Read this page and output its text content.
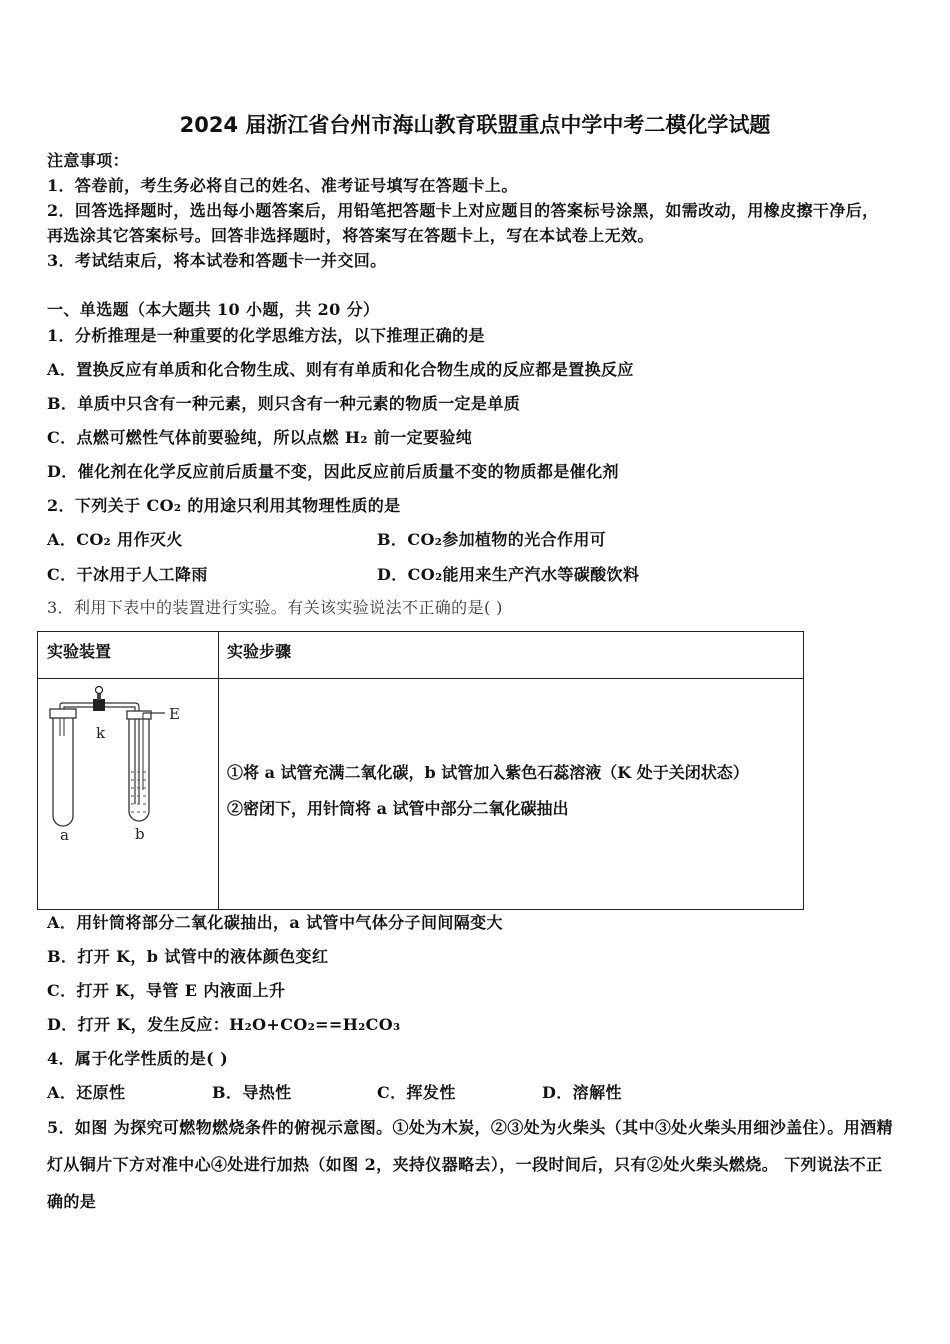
2024 届浙江省台州市海山教育联盟重点中学中考二模化学试题
注意事项：
1．答卷前，考生务必将自己的姓名、准考证号填写在答题卡上。
2．回答选择题时，选出每小题答案后，用铅笔把答题卡上对应题目的答案标号涂黑，如需改动，用橡皮擦干净后，
再选涂其它答案标号。回答非选择题时，将答案写在答题卡上，写在本试卷上无效。
3．考试结束后，将本试卷和答题卡一并交回。
一、单选题（本大题共 10 小题，共 20 分）
1．分析推理是一种重要的化学思维方法，以下推理正确的是
A．置换反应有单质和化合物生成、则有有单质和化合物生成的反应都是置换反应
B．单质中只含有一种元素，则只含有一种元素的物质一定是单质
C．点燃可燃性气体前要验纯，所以点燃 H₂ 前一定要验纯
D．催化剂在化学反应前后质量不变，因此反应前后质量不变的物质都是催化剂
2．下列关于 CO₂ 的用途只利用其物理性质的是
A．CO₂ 用作灭火	B．CO₂参加植物的光合作用可
C．干冰用于人工降雨	D．CO₂能用来生产汽水等碳酸饮料
3．利用下表中的装置进行实验。有关该实验说法不正确的是( )
实验装置	实验步骤
①将 a 试管充满二氧化碳，b 试管加入紫色石蕊溶液（K 处于关闭状态）
②密闭下，用针筒将 a 试管中部分二氧化碳抽出
k
E
a	b
A．用针筒将部分二氧化碳抽出，a 试管中气体分子间间隔变大
B．打开 K，b 试管中的液体颜色变红
C．打开 K，导管 E 内液面上升
D．打开 K，发生反应：H₂O+CO₂==H₂CO₃
4．属于化学性质的是( )
A．还原性	B．导热性	C．挥发性	D．溶解性
5．如图 为探究可燃物燃烧条件的俯视示意图。①处为木炭，②③处为火柴头（其中③处火柴头用细沙盖住）。用酒精
灯从铜片下方对准中心④处进行加热（如图 2，夹持仪器略去），一段时间后，只有②处火柴头燃烧。 下列说法不正
确的是
